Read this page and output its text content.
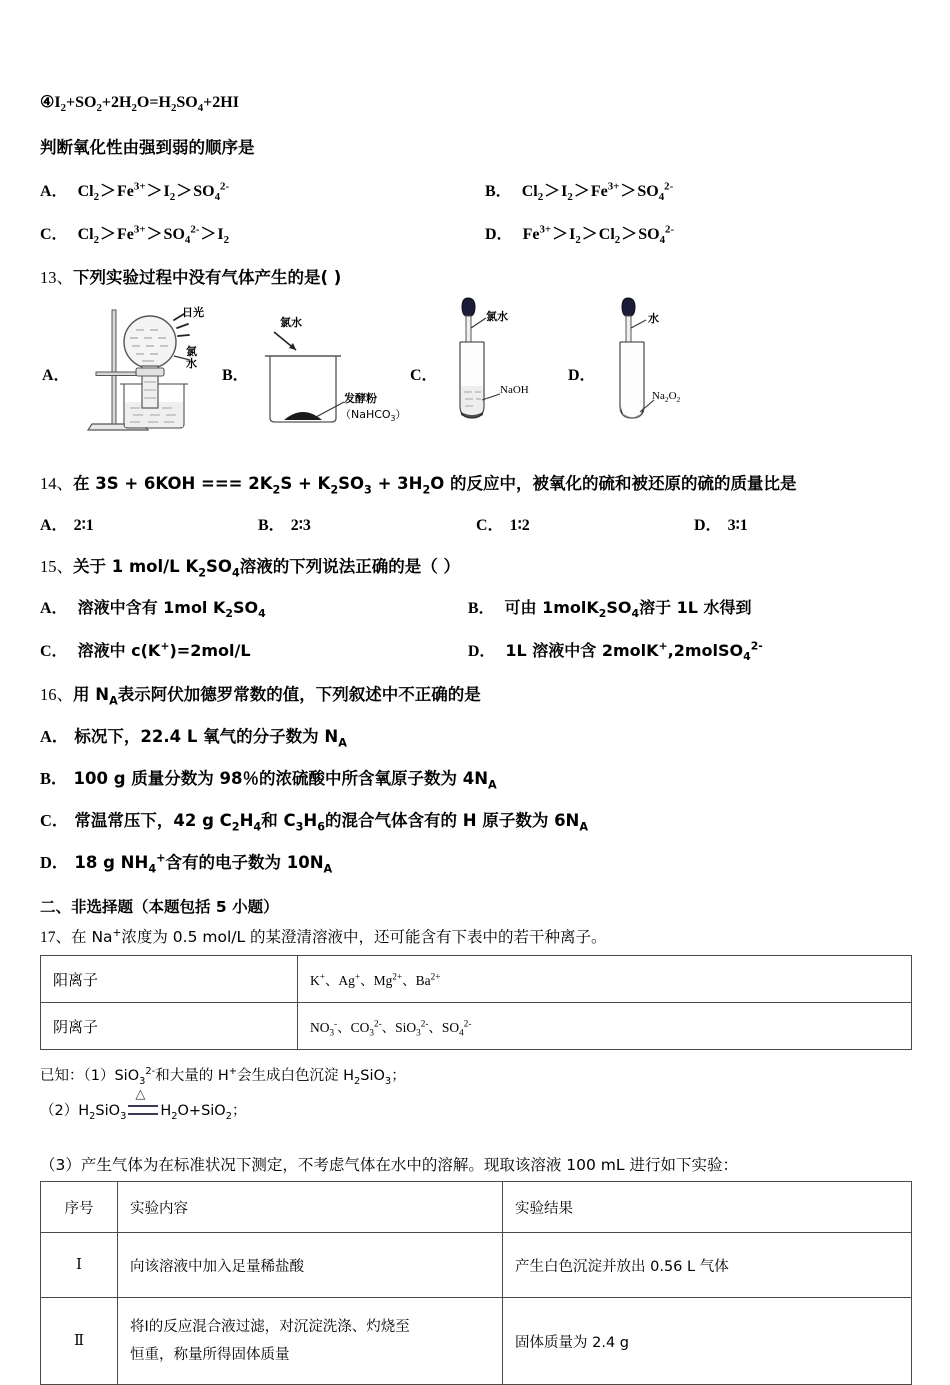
$④I_2+SO_2+2H_2O=H_2SO_4+2HI$
判断氧化性由强到弱的顺序是
A． $Cl_2>Fe^{3+}>I_2>SO_4^{2-}$	B． $Cl_2>I_2>Fe^{3+}>SO_4^{2-}$
C． $Cl_2>Fe^{3+}>SO_4^{2-}>I_2$	D． $Fe^{3+}>I_2>Cl_2>SO_4^{2-}$
13、下列实验过程中没有气体产生的是( )
A．
日光
氯水
B．
氯水
发酵粉
（NaHCO$_3$）
C．
氯水
NaOH
D．
水
$Na_2O_2$
14、在 3S + 6KOH === $2K_2S + K_2SO_3 + 3H_2O$ 的反应中，被氧化的硫和被还原的硫的质量比是
A． 2∶1	B． 2∶3	C． 1∶2	D． 3∶1
15、关于 1 mol/L $K_2SO_4$溶液的下列说法正确的是（ ）
A． 溶液中含有 1mol $K_2SO_4$	B． 可由 $1molK_2SO_4$溶于 1L 水得到
C． 溶液中 c(K+)=2mol/L	D． 1L 溶液中含 2molK+,2molSO$_4^{2-}$
16、用 $N_A$表示阿伏加德罗常数的值，下列叙述中不正确的是
A． 标况下，22.4 L 氧气的分子数为 $N_A$
B． 100 g 质量分数为 98％的浓硫酸中所含氧原子数为 $4N_A$
C． 常温常压下，42 g $C_2H_4$和 $C_3H_6$的混合气体含有的 H 原子数为 $6N_A$
D． 18 g $NH_4^+$含有的电子数为 $10N_A$
二、非选择题（本题包括 5 小题）
17、在 Na+浓度为 0.5 mol/L 的某澄清溶液中，还可能含有下表中的若干种离子。
阳离子	K+、Ag+、$Mg^{2+}$、$Ba^{2+}$
阴离子	$NO_3^-$、$CO_3^{2-}$、SiO$_3^{2-}$、$SO_4^{2-}$
已知：（1）SiO$_3^{2-}$和大量的 H+会生成白色沉淀 $H_2SiO_3$；
$(2)H_2SiO_3$
△
$H_2O+SiO_2$；
（3）产生气体为在标准状况下测定，不考虑气体在水中的溶解。现取该溶液 100 mL 进行如下实验：
序号	实验内容	实验结果
Ⅰ	向该溶液中加入足量稀盐酸	产生白色沉淀并放出 0.56 L 气体
Ⅱ	将Ⅰ的反应混合液过滤，对沉淀洗涤、灼烧至
恒重，称量所得固体质量	固体质量为 2.4 g
